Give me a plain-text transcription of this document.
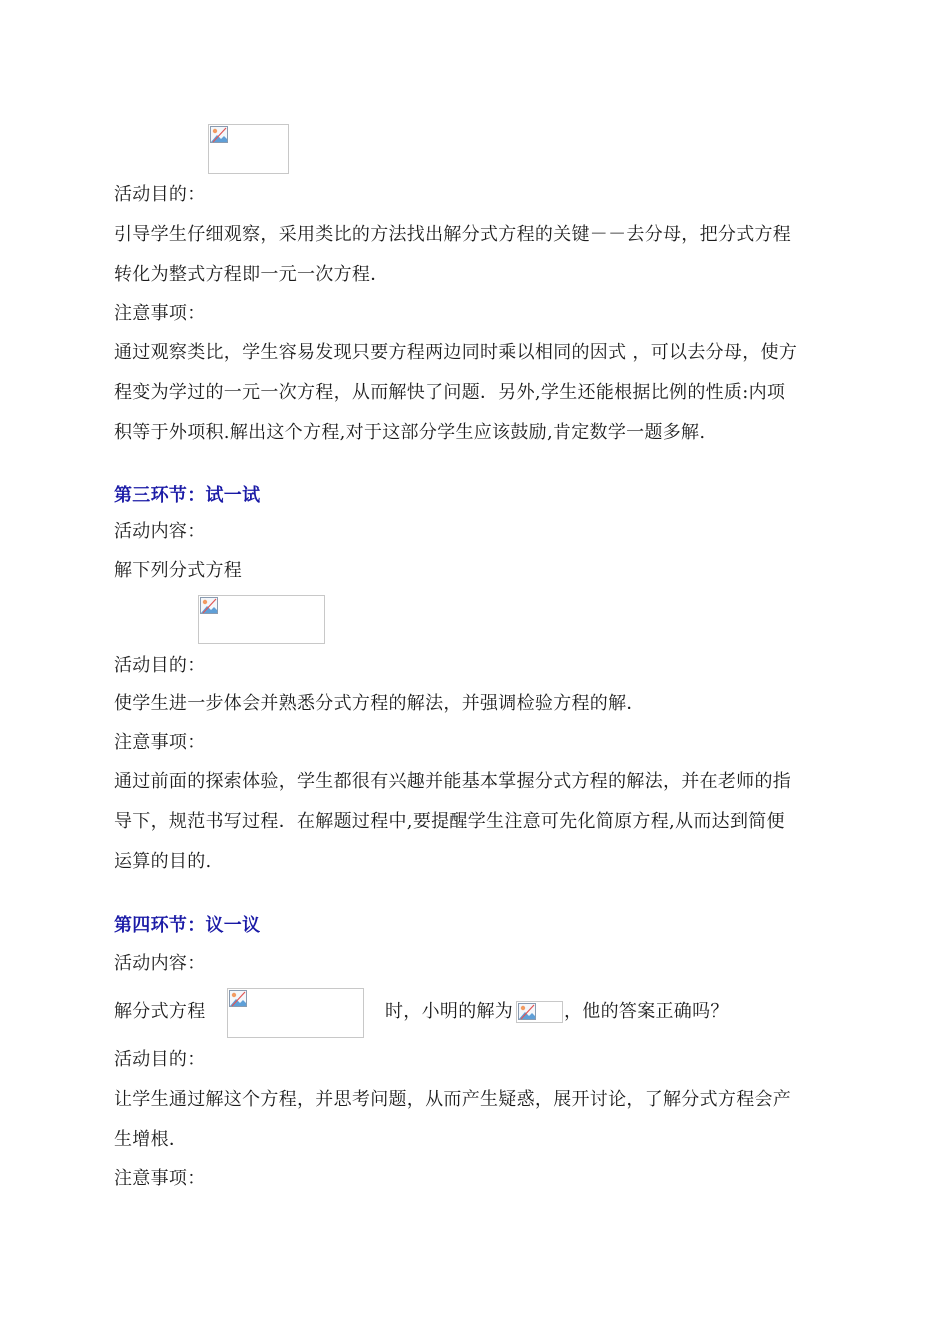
活动目的：
引导学生仔细观察，采用类比的方法找出解分式方程的关键－－去分母，把分式方程
转化为整式方程即一元一次方程．
注意事项：
通过观察类比，学生容易发现只要方程两边同时乘以相同的因式 ，可以去分母，使方
程变为学过的一元一次方程，从而解快了问题．另外,学生还能根据比例的性质:内项
积等于外项积.解出这个方程,对于这部分学生应该鼓励,肯定数学一题多解.
第三环节：试一试
活动内容：
解下列分式方程
活动目的：
使学生进一步体会并熟悉分式方程的解法，并强调检验方程的解．
注意事项：
通过前面的探索体验，学生都很有兴趣并能基本掌握分式方程的解法，并在老师的指
导下，规范书写过程．在解题过程中,要提醒学生注意可先化简原方程,从而达到简便
运算的目的.
第四环节：议一议
活动内容：
解分式方程	时，小明的解为	，他的答案正确吗？
活动目的：
让学生通过解这个方程，并思考问题，从而产生疑惑，展开讨论，了解分式方程会产
生增根．
注意事项：
